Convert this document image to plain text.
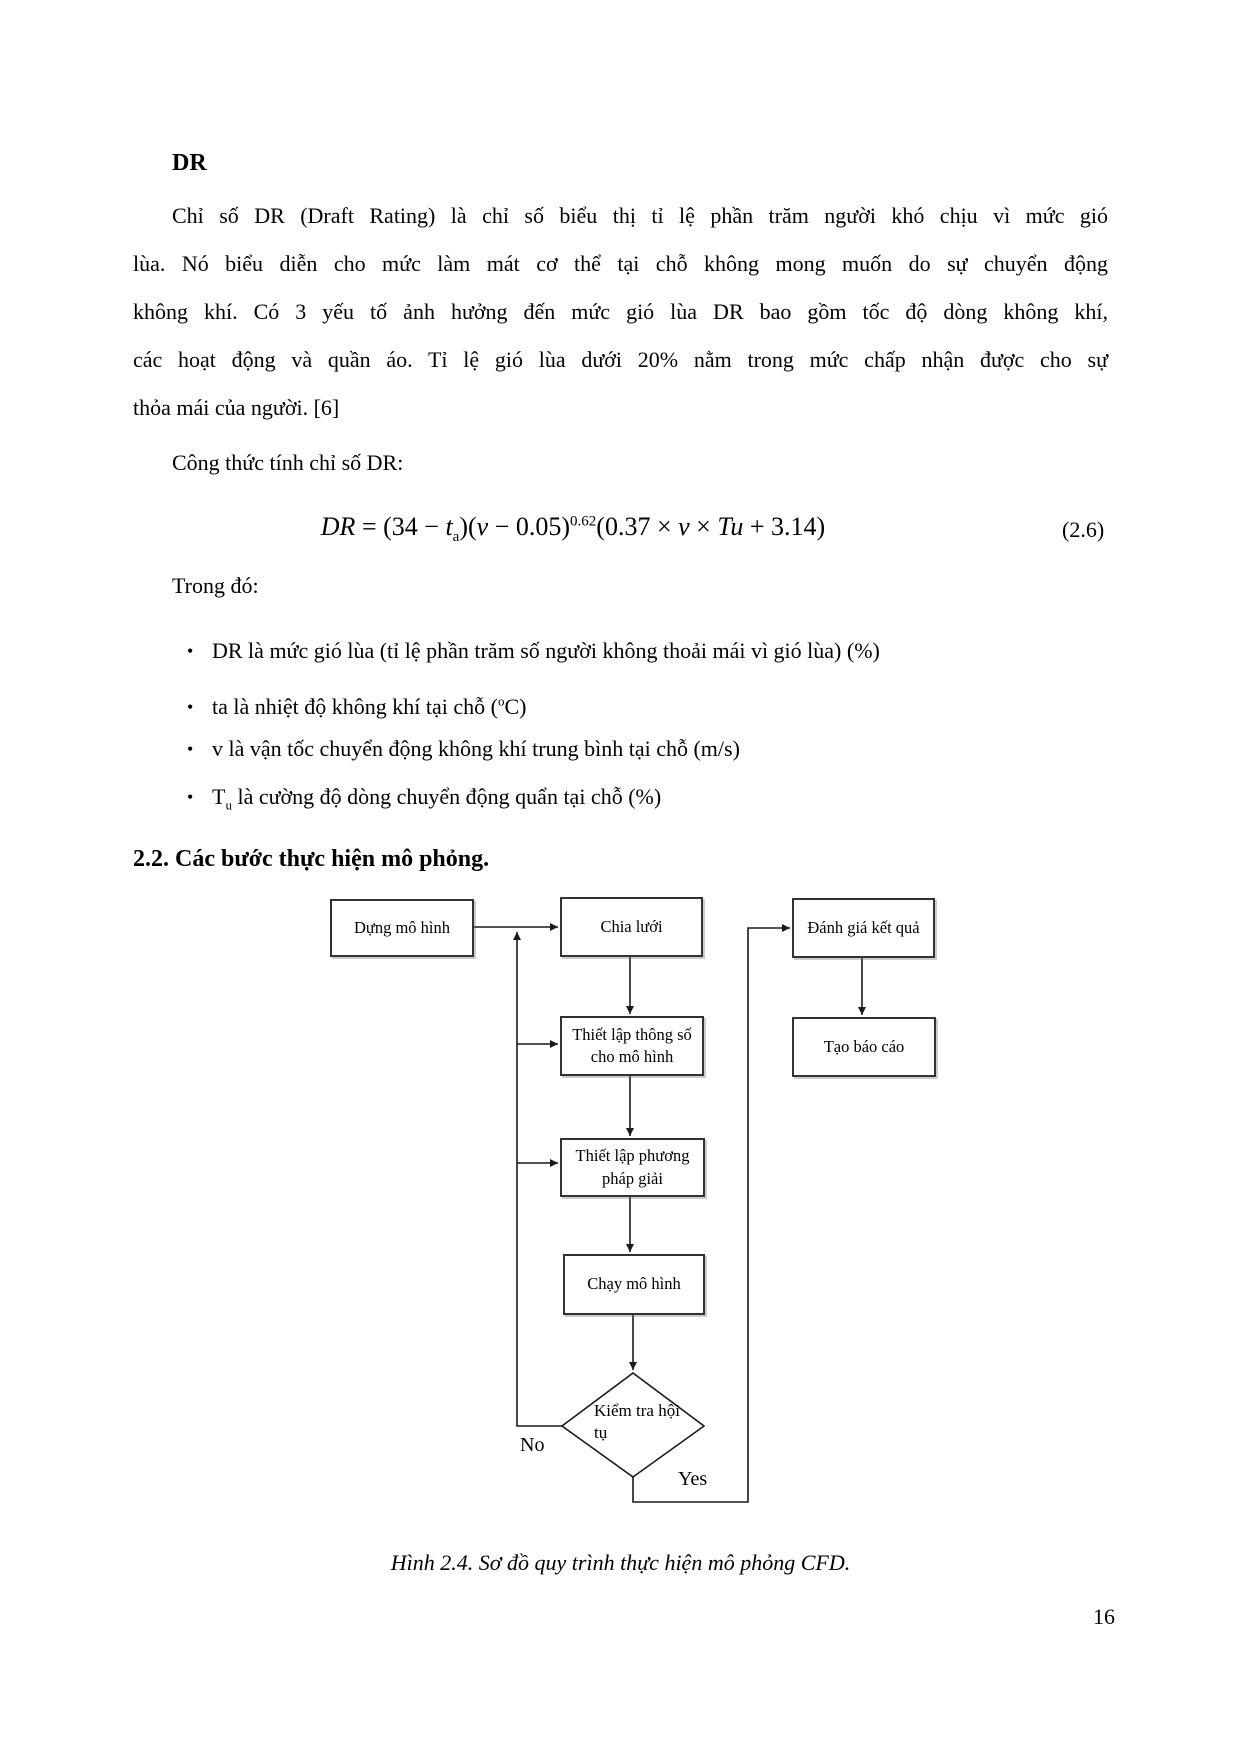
DR
Chỉ số DR (Draft Rating) là chỉ số biểu thị tỉ lệ phần trăm người khó chịu vì mức gió
lùa. Nó biểu diễn cho mức làm mát cơ thể tại chỗ không mong muốn do sự chuyển động
không khí. Có 3 yếu tố ảnh hưởng đến mức gió lùa DR bao gồm tốc độ dòng không khí,
các hoạt động và quần áo. Tỉ lệ gió lùa dưới 20% nằm trong mức chấp nhận được cho sự
thỏa mái của người. [6]
Công thức tính chỉ số DR:
DR = $(34 - t_a)(v - 0.05)^{0.62}(0.37 \times v \times Tu + 3.14)$	(2.6)
Trong đó:
• DR là mức gió lùa (tỉ lệ phần trăm số người không thoải mái vì gió lùa) (%)
• ta là nhiệt độ không khí tại chỗ ($^o$C)
• v là vận tốc chuyển động không khí trung bình tại chỗ (m/s)
• $T_u$ là cường độ dòng chuyển động quẩn tại chỗ (%)
2.2. Các bước thực hiện mô phỏng.
Dựng mô hình	Chia lưới	Đánh giá kết quả
Thiết lập thông số cho mô hình
Tạo báo cáo
Thiết lập phương pháp giải
Chạy mô hình
Kiểm tra hội tụ
No
Yes
Hình 2.4. Sơ đồ quy trình thực hiện mô phỏng CFD.
16
